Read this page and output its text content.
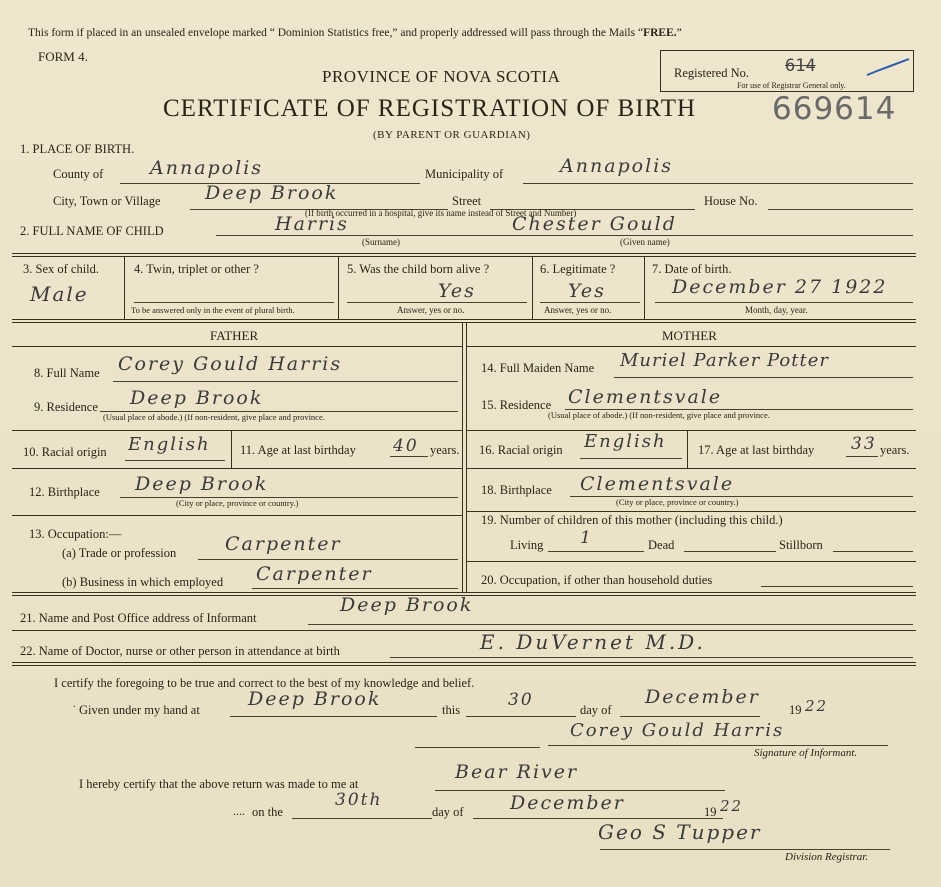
This form if placed in an unsealed envelope marked “ Dominion Statistics free,” and properly addressed will pass through the Mails “FREE.”
FORM 4.
PROVINCE OF NOVA SCOTIA
CERTIFICATE OF REGISTRATION OF BIRTH
(BY PARENT OR GUARDIAN)
Registered No. 614
For use of Registrar General only.
669614
1. PLACE OF BIRTH.
County of Annapolis	Municipality of	Annapolis
City, Town or Village Deep Brook	Street	House No.
(If birth occurred in a hospital, give its name instead of Street and Number)
2. FULL NAME OF CHILD	Harris	Chester Gould
(Surname)	(Given name)
3. Sex of child.
Male
4. Twin, triplet or other ?
To be answered only in the event of plural birth.
5. Was the child born alive ?
Yes
Answer, yes or no.
6. Legitimate ?
Yes
Answer, yes or no.
7. Date of birth.
December 27 1922
Month, day, year.
FATHER	MOTHER
8. Full Name Corey Gould Harris
9. Residence Deep Brook
(Usual place of abode.) (If non-resident, give place and province.
10. Racial origin English 11. Age at last birthday 40 years.
12. Birthplace Deep Brook
(City or place, province or country.)
13. Occupation:—
(a) Trade or profession	Carpenter
(b) Business in which employed Carpenter
14. Full Maiden Name Muriel Parker Potter
15. Residence Clementsvale
(Usual place of abode.) (If non-resident, give place and province.
16. Racial origin English	17. Age at last birthday 33 years.
18. Birthplace Clementsvale
(City or place, province or country.)
19. Number of children of this mother (including this child.)
Living 1	Dead	Stillborn
20. Occupation, if other than household duties
21. Name and Post Office address of Informant
Deep Brook
22. Name of Doctor, nurse or other person in attendance at birth	E. DuVernet M.D.
I certify the foregoing to be true and correct to the best of my knowledge and belief.
Given under my hand at
.	Deep Brook	this	30	day of
December
19 22
Corey Gould Harris
Signature of Informant.
I hereby certify that the above return was made to me at
Bear River
on the
....
30th
day of December	19 22
Geo S Tupper
Division Registrar.
